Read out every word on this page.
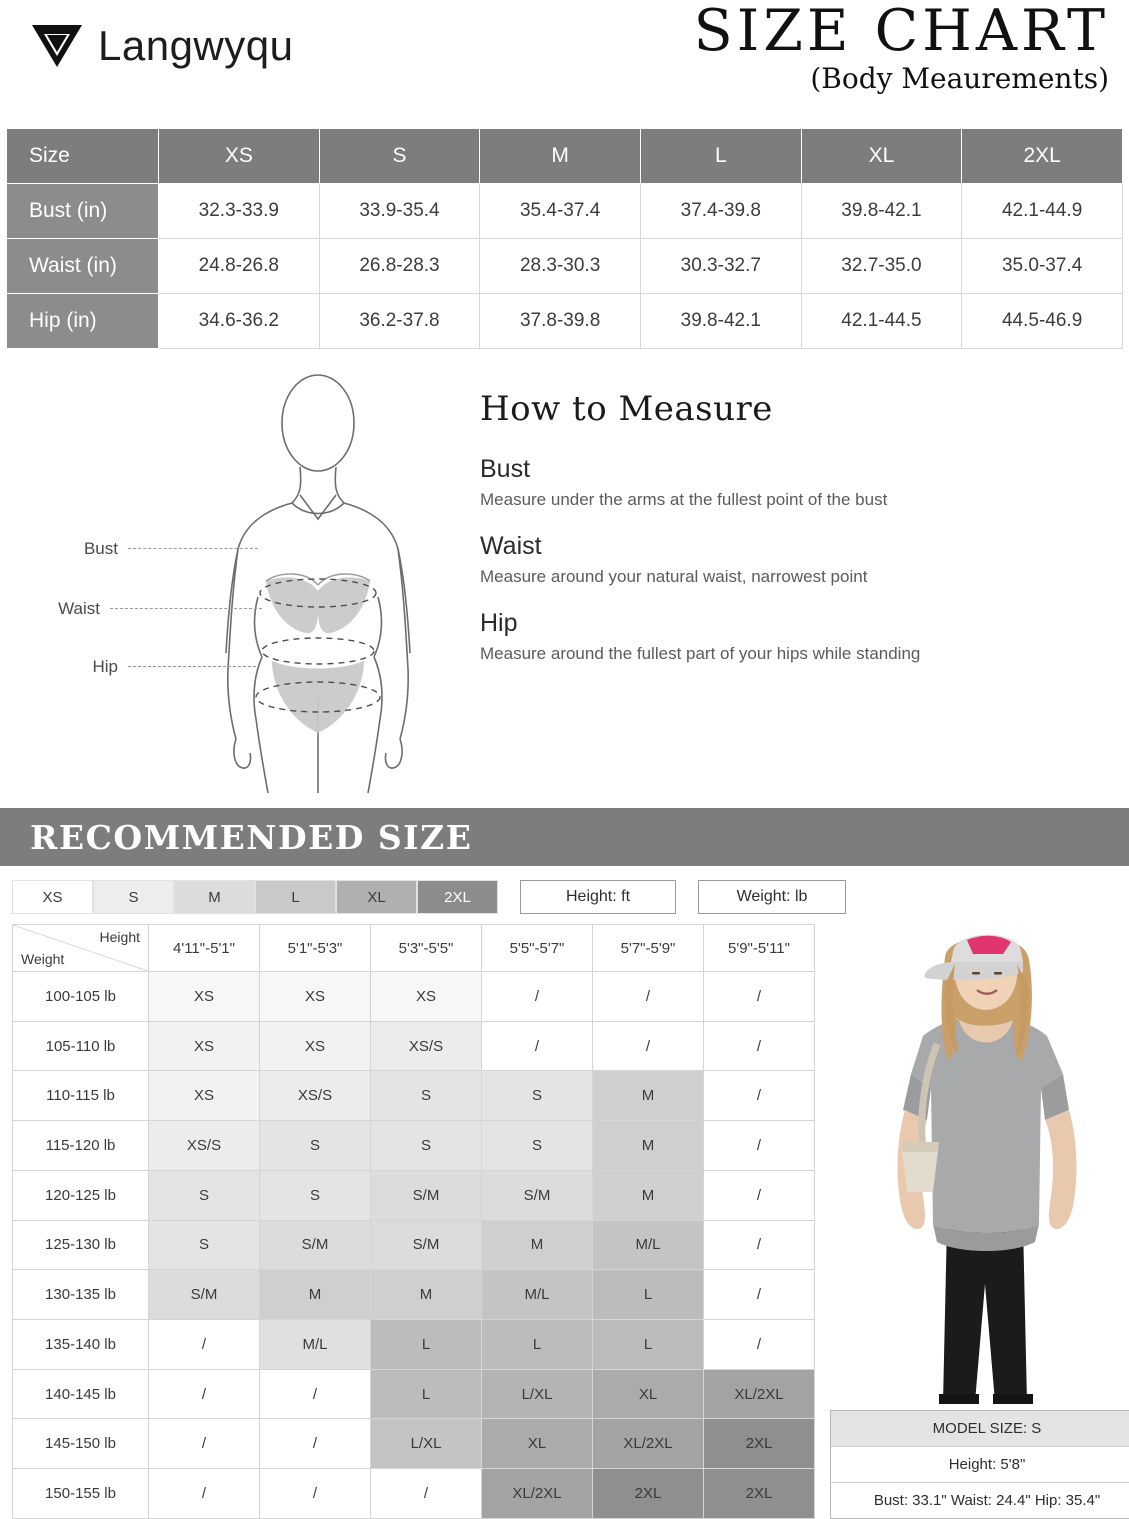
Langwyqu	SIZE CHART
(Body Meaurements)
Size	XS	S	M	L	XL	2XL
Bust (in)	32.3-33.9	33.9-35.4	35.4-37.4	37.4-39.8	39.8-42.1	42.1-44.9
Waist (in)	24.8-26.8	26.8-28.3	28.3-30.3	30.3-32.7	32.7-35.0	35.0-37.4
Hip (in)	34.6-36.2	36.2-37.8	37.8-39.8	39.8-42.1	42.1-44.5	44.5-46.9
Bust
Waist
Hip
How to Measure
Bust
Measure under the arms at the fullest point of the bust
Waist
Measure around your natural waist, narrowest point
Hip
Measure around the fullest part of your hips while standing
RECOMMENDED SIZE
XS	S	M	L	XL	2XL	Height: ft	Weight: lb
Height
Weight	4'11"-5'1"	5'1"-5'3"	5'3"-5'5"	5'5"-5'7"	5'7"-5'9"	5'9"-5'11"
100-105 lb	XS	XS	XS	/	/	/
105-110 lb	XS	XS	XS/S	/	/	/
110-115 lb	XS	XS/S	S	S	M	/
115-120 lb	XS/S	S	S	S	M	/
120-125 lb	S	S	S/M	S/M	M	/
125-130 lb	S	S/M	S/M	M	M/L	/
130-135 lb	S/M	M	M	M/L	L	/
135-140 lb	/	M/L	L	L	L	/
140-145 lb	/	/	L	L/XL	XL	XL/2XL
145-150 lb	/	/	L/XL	XL	XL/2XL	2XL
150-155 lb	/	/	/	XL/2XL	2XL	2XL
MODEL SIZE: S
Height: 5'8"
Bust: 33.1" Waist: 24.4" Hip: 35.4"
